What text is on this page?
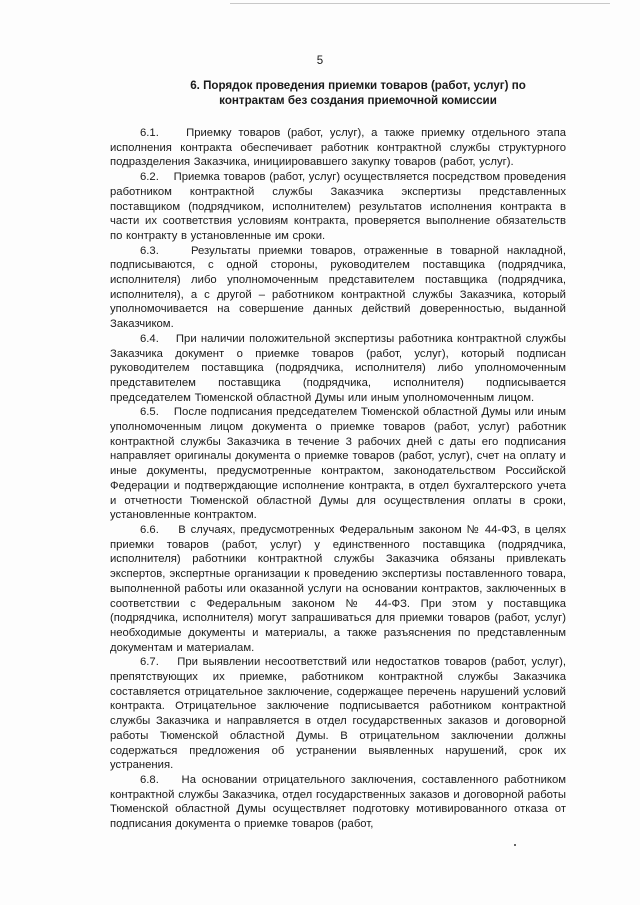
5
6. Порядок проведения приемки товаров (работ, услуг) по контрактам без создания приемочной комиссии

6.1. Приемку товаров (работ, услуг), а также приемку отдельного этапа исполнения контракта обеспечивает работник контрактной службы структурного подразделения Заказчика, инициировавшего закупку товаров (работ, услуг).

6.2. Приемка товаров (работ, услуг) осуществляется посредством проведения работником контрактной службы Заказчика экспертизы представленных поставщиком (подрядчиком, исполнителем) результатов исполнения контракта в части их соответствия условиям контракта, проверяется выполнение обязательств по контракту в установленные им сроки.

6.3.	Результаты приемки товаров, отраженные в товарной накладной, подписываются, с одной стороны, руководителем поставщика (подрядчика, исполнителя) либо уполномоченным представителем поставщика (подрядчика, исполнителя), а с другой – работником контрактной службы Заказчика, который уполномочивается на совершение данных действий доверенностью, выданной Заказчиком.

6.4. При наличии положительной экспертизы работника контрактной службы Заказчика документ о приемке товаров (работ, услуг), который подписан руководителем поставщика (подрядчика, исполнителя) либо уполномоченным представителем поставщика (подрядчика, исполнителя) подписывается председателем Тюменской областной Думы или иным уполномоченным лицом.

6.5. После подписания председателем Тюменской областной Думы или иным уполномоченным лицом документа о приемке товаров (работ, услуг) работник контрактной службы Заказчика в течение 3 рабочих дней с даты его подписания направляет оригиналы документа о приемке товаров (работ, услуг), счет на оплату и иные документы, предусмотренные контрактом, законодательством Российской Федерации и подтверждающие исполнение контракта, в отдел бухгалтерского учета и отчетности Тюменской областной Думы для осуществления оплаты в сроки, установленные контрактом.

6.6. В случаях, предусмотренных Федеральным законом № 44-ФЗ, в целях приемки товаров (работ, услуг) у единственного поставщика (подрядчика, исполнителя) работники контрактной службы Заказчика обязаны привлекать экспертов, экспертные организации к проведению экспертизы поставленного товара, выполненной работы или оказанной услуги на основании контрактов, заключенных в соответствии с Федеральным законом № 44-ФЗ. При этом у поставщика (подрядчика, исполнителя) могут запрашиваться для приемки товаров (работ, услуг) необходимые документы и материалы, а также разъяснения по представленным документам и материалам.

6.7. При выявлении несоответствий или недостатков товаров (работ, услуг), препятствующих их приемке, работником контрактной службы Заказчика составляется отрицательное заключение, содержащее перечень нарушений условий контракта. Отрицательное заключение подписывается работником контрактной службы Заказчика и направляется в отдел государственных заказов и договорной работы Тюменской областной Думы. В отрицательном заключении должны содержаться предложения об устранении выявленных нарушений, срок их устранения.

6.8. На основании отрицательного заключения, составленного работником контрактной службы Заказчика, отдел государственных заказов и договорной работы Тюменской областной Думы осуществляет подготовку мотивированного отказа от подписания документа о приемке товаров (работ,
